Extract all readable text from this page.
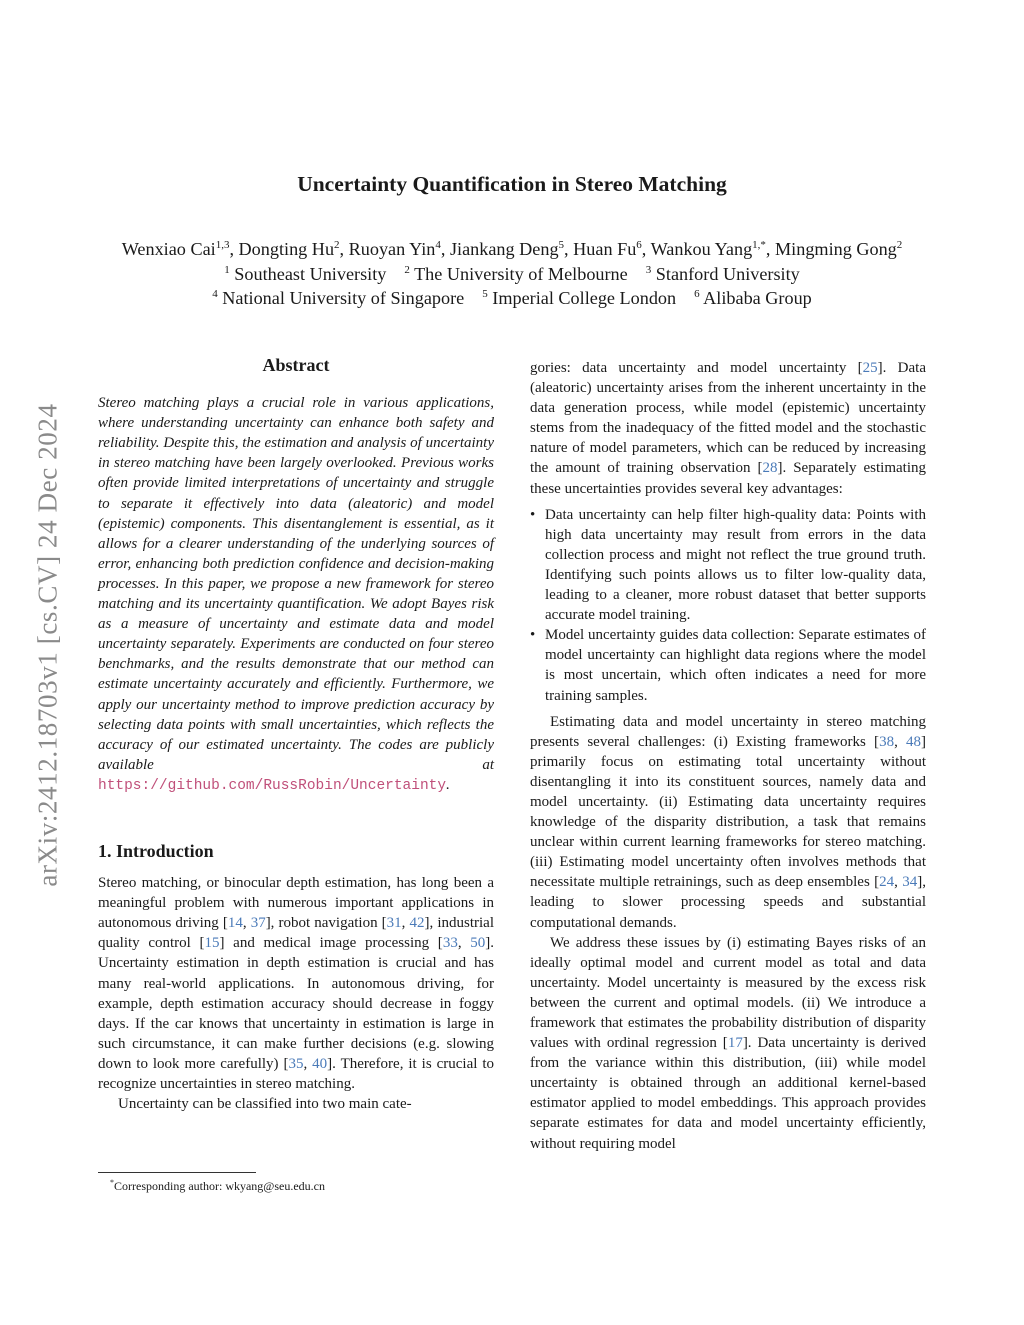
arXiv:2412.18703v1 [cs.CV] 24 Dec 2024
Uncertainty Quantification in Stereo Matching
Wenxiao Cai$^{1,3}$, Dongting Hu$^2$, Ruoyan Yin$^4$, Jiankang Deng$^5$, Huan Fu$^6$, Wankou Yang$^{1,*}$, Mingming Gong$^2$
$^1$ Southeast University $^2$ The University of Melbourne $^3$ Stanford University
$^4$ National University of Singapore $^5$ Imperial College London $^6$ Alibaba Group
Abstract

Stereo matching plays a crucial role in various applications, where understanding uncertainty can enhance both safety and reliability. Despite this, the estimation and analysis of uncertainty in stereo matching have been largely overlooked. Previous works often provide limited interpretations of uncertainty and struggle to separate it effectively into data (aleatoric) and model (epistemic) components. This disentanglement is essential, as it allows for a clearer understanding of the underlying sources of error, enhancing both prediction confidence and decision-making processes. In this paper, we propose a new framework for stereo matching and its uncertainty quantification. We adopt Bayes risk as a measure of uncertainty and estimate data and model uncertainty separately. Experiments are conducted on four stereo benchmarks, and the results demonstrate that our method can estimate uncertainty accurately and efficiently. Furthermore, we apply our uncertainty method to improve prediction accuracy by selecting data points with small uncertainties, which reflects the accuracy of our estimated uncertainty. The codes are publicly available at https://github.com/RussRobin/Uncertainty.

1. Introduction

Stereo matching, or binocular depth estimation, has long been a meaningful problem with numerous important applications in autonomous driving [14, 37], robot navigation [31, 42], industrial quality control [15] and medical image processing [33, 50]. Uncertainty estimation in depth estimation is crucial and has many real-world applications. In autonomous driving, for example, depth estimation accuracy should decrease in foggy days. If the car knows that uncertainty in estimation is large in such circumstance, it can make further decisions (e.g. slowing down to look more carefully) [35, 40]. Therefore, it is crucial to recognize uncertainties in stereo matching.

Uncertainty can be classified into two main cate-

gories: data uncertainty and model uncertainty [25]. Data (aleatoric) uncertainty arises from the inherent uncertainty in the data generation process, while model (epistemic) uncertainty stems from the inadequacy of the fitted model and the stochastic nature of model parameters, which can be reduced by increasing the amount of training observation [28]. Separately estimating these uncertainties provides several key advantages:

• Data uncertainty can help filter high-quality data: Points with high data uncertainty may result from errors in the data collection process and might not reflect the true ground truth. Identifying such points allows us to filter low-quality data, leading to a cleaner, more robust dataset that better supports accurate model training.
• Model uncertainty guides data collection: Separate estimates of model uncertainty can highlight data regions where the model is most uncertain, which often indicates a need for more training samples.

Estimating data and model uncertainty in stereo matching presents several challenges: (i) Existing frameworks [38, 48] primarily focus on estimating total uncertainty without disentangling it into its constituent sources, namely data and model uncertainty. (ii) Estimating data uncertainty requires knowledge of the disparity distribution, a task that remains unclear within current learning frameworks for stereo matching. (iii) Estimating model uncertainty often involves methods that necessitate multiple retrainings, such as deep ensembles [24, 34], leading to slower processing speeds and substantial computational demands.

We address these issues by (i) estimating Bayes risks of an ideally optimal model and current model as total and data uncertainty. Model uncertainty is measured by the excess risk between the current and optimal models. (ii) We introduce a framework that estimates the probability distribution of disparity values with ordinal regression [17]. Data uncertainty is derived from the variance within this distribution, (iii) while model uncertainty is obtained through an additional kernel-based estimator applied to model embeddings. This approach provides separate estimates for data and model uncertainty efficiently, without requiring model

*Corresponding author: wkyang@seu.edu.cn
